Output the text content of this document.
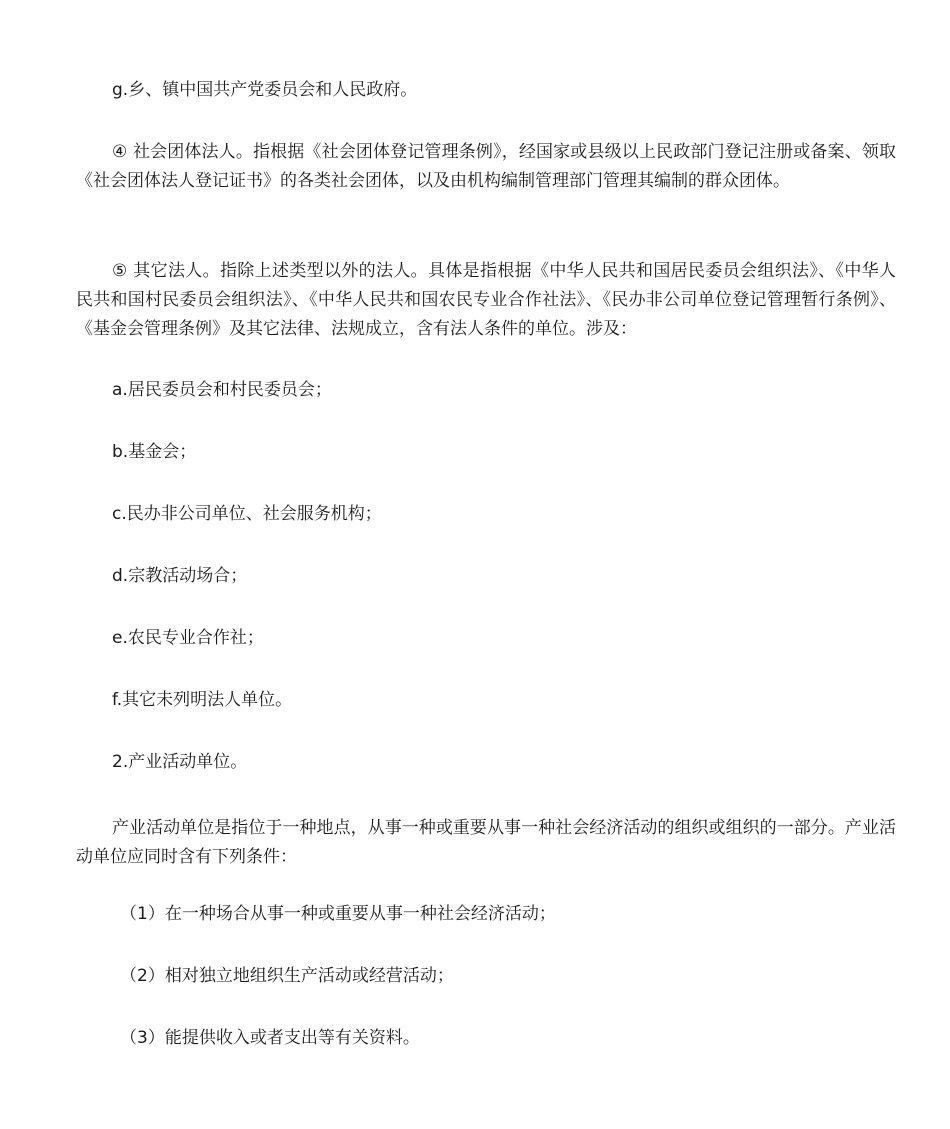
g.乡、镇中国共产党委员会和人民政府。

④ 社会团体法人。指根据《社会团体登记管理条例》，经国家或县级以上民政部门登记注册或备案、领取《社会团体法人登记证书》的各类社会团体，以及由机构编制管理部门管理其编制的群众团体。

⑤ 其它法人。指除上述类型以外的法人。具体是指根据《中华人民共和国居民委员会组织法》、《中华人民共和国村民委员会组织法》、《中华人民共和国农民专业合作社法》、《民办非公司单位登记管理暂行条例》、《基金会管理条例》及其它法律、法规成立，含有法人条件的单位。涉及：

a.居民委员会和村民委员会；

b.基金会；

c.民办非公司单位、社会服务机构；

d.宗教活动场合；

e.农民专业合作社；

f.其它未列明法人单位。

2.产业活动单位。

产业活动单位是指位于一种地点，从事一种或重要从事一种社会经济活动的组织或组织的一部分。产业活动单位应同时含有下列条件：

（1）在一种场合从事一种或重要从事一种社会经济活动；

（2）相对独立地组织生产活动或经营活动；

（3）能提供收入或者支出等有关资料。
